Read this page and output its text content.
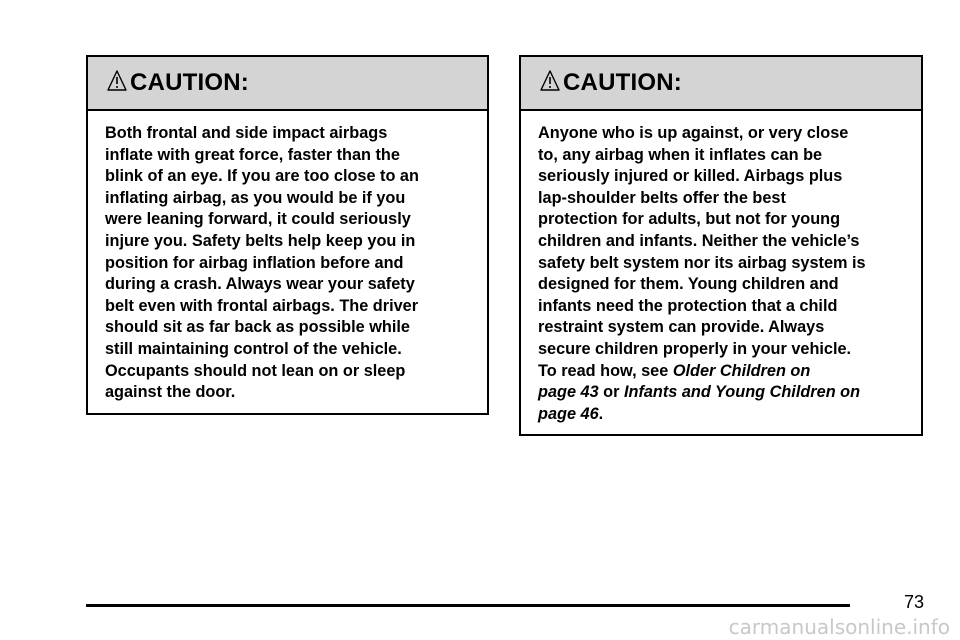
CAUTION:

Both frontal and side impact airbags
inflate with great force, faster than the
blink of an eye. If you are too close to an
inflating airbag, as you would be if you
were leaning forward, it could seriously
injure you. Safety belts help keep you in
position for airbag inflation before and
during a crash. Always wear your safety
belt even with frontal airbags. The driver
should sit as far back as possible while
still maintaining control of the vehicle.
Occupants should not lean on or sleep
against the door.

CAUTION:

Anyone who is up against, or very close
to, any airbag when it inflates can be
seriously injured or killed. Airbags plus
lap-shoulder belts offer the best
protection for adults, but not for young
children and infants. Neither the vehicle’s
safety belt system nor its airbag system is
designed for them. Young children and
infants need the protection that a child
restraint system can provide. Always
secure children properly in your vehicle.
To read how, see Older Children on
page 43 or Infants and Young Children on
page 46.

73
carmanualsonline.info
